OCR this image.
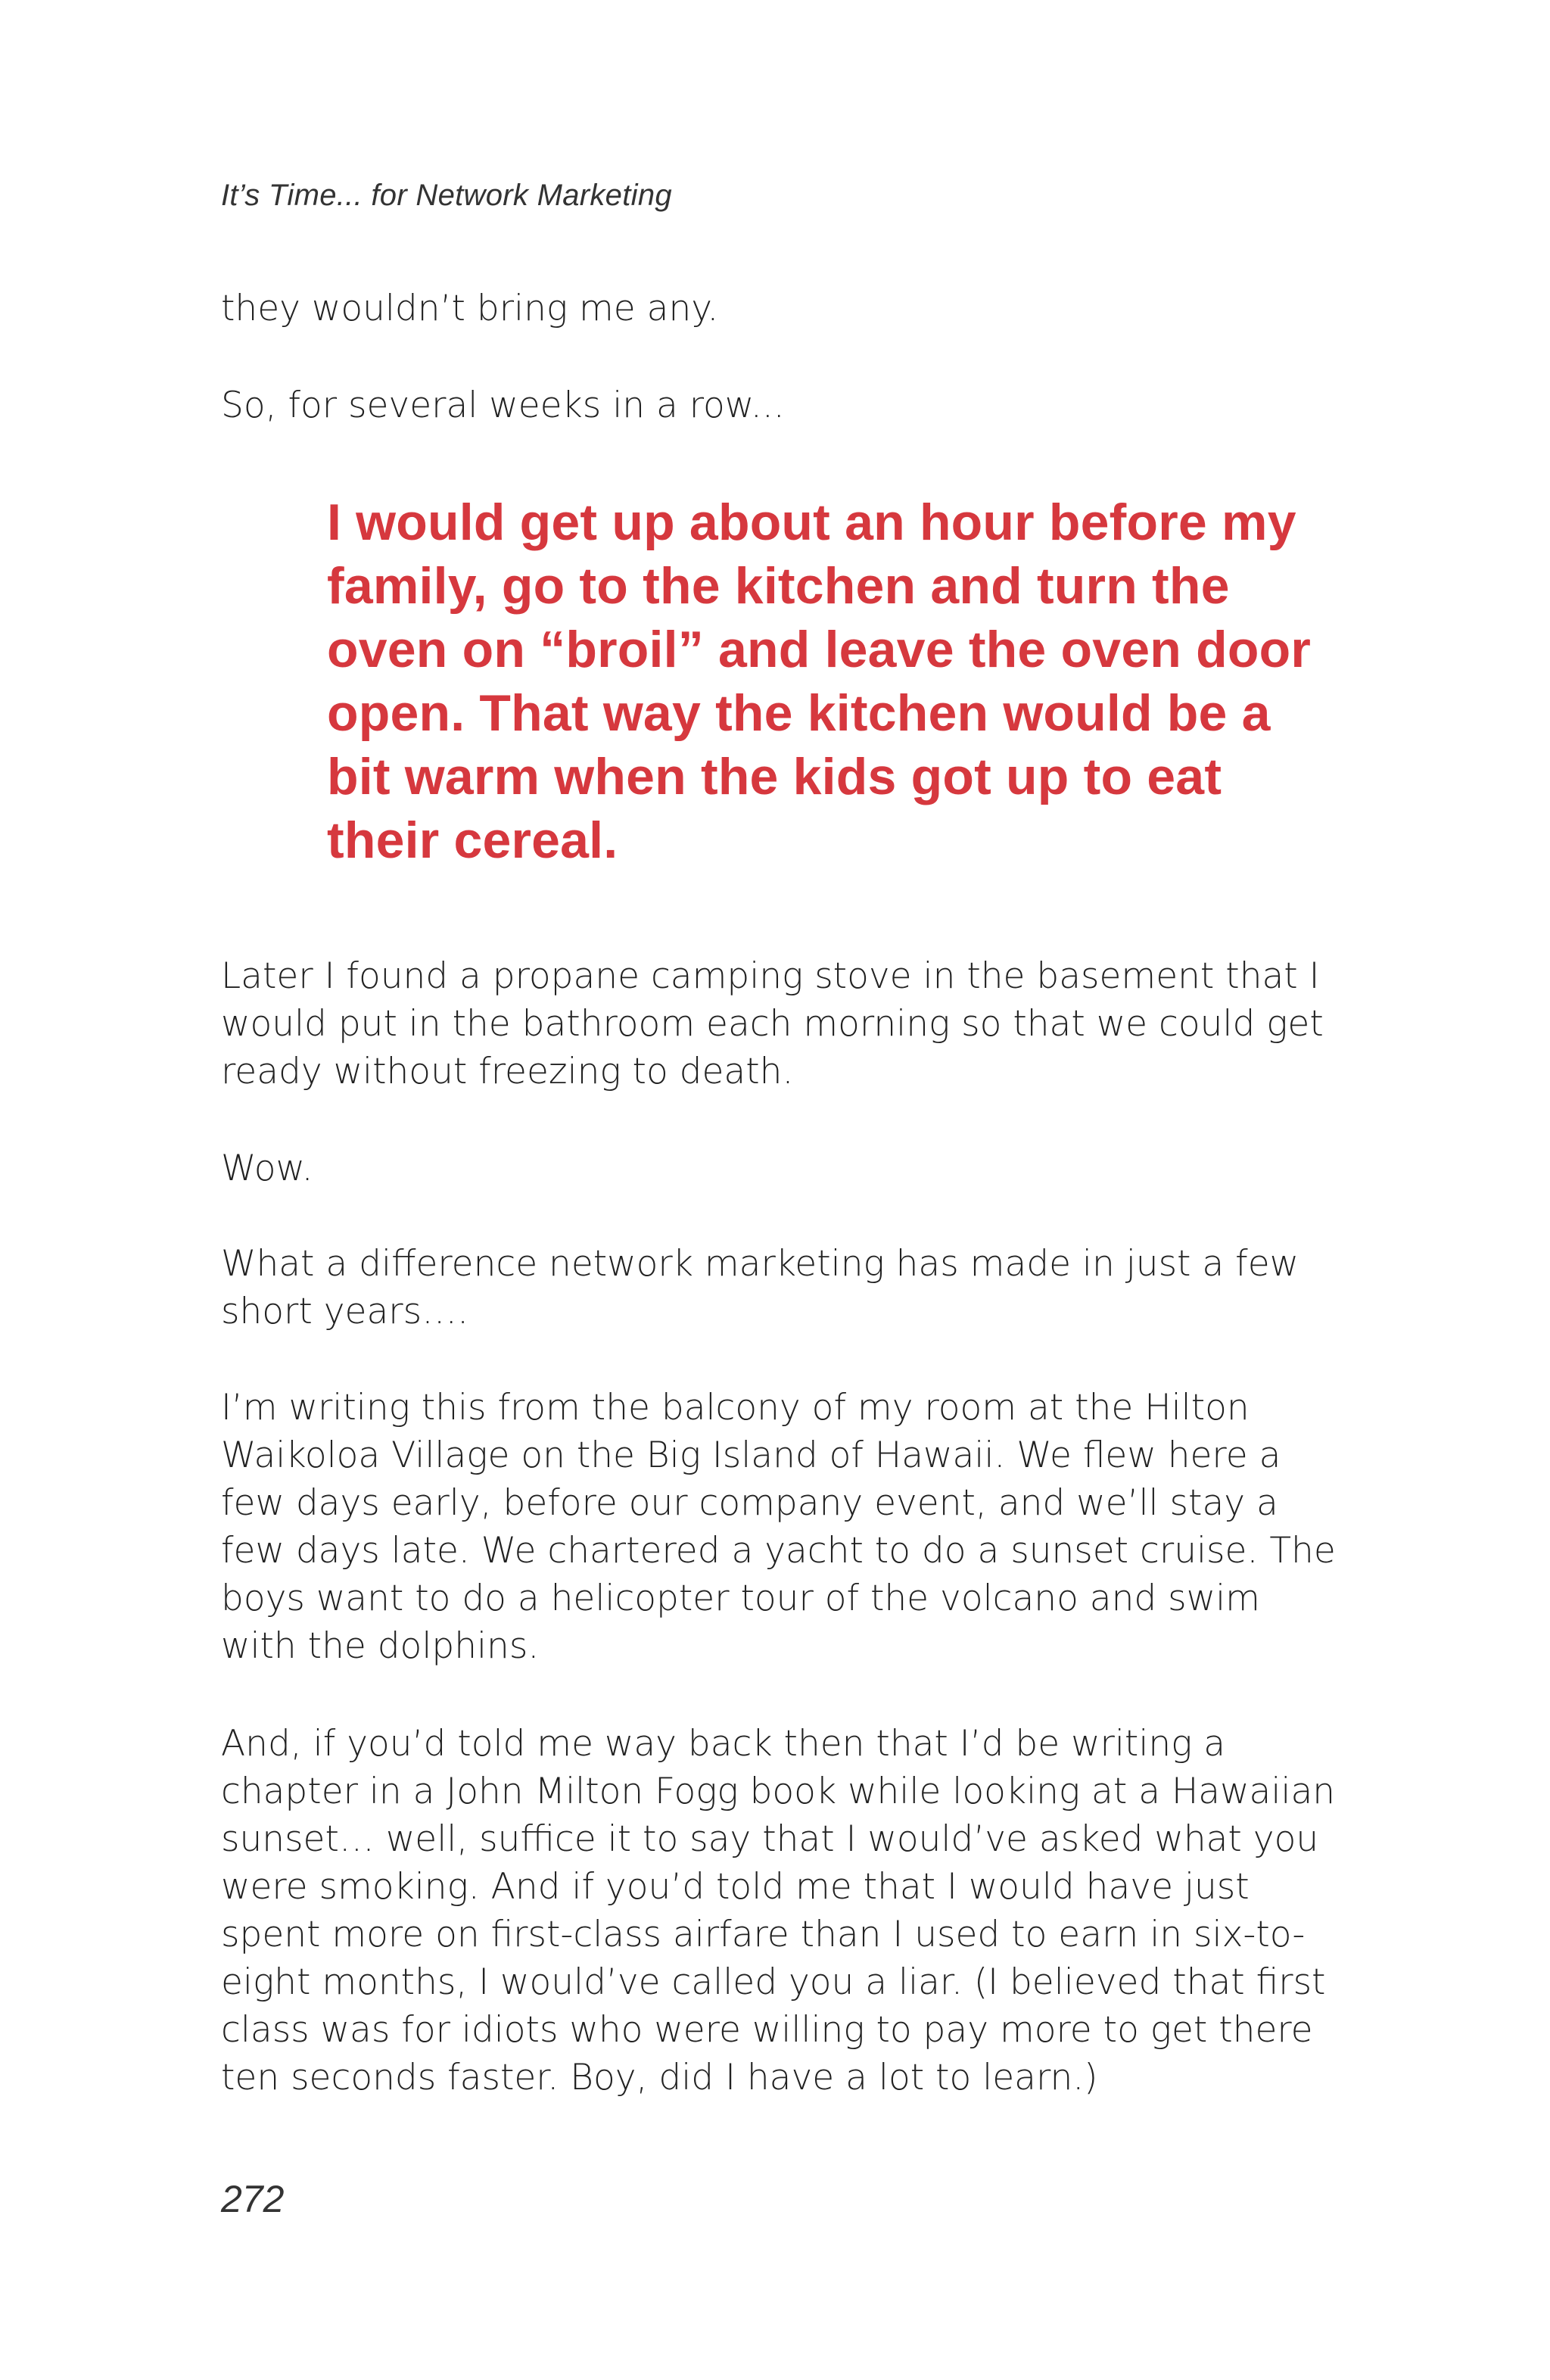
It’s Time... for Network Marketing

they wouldn’t bring me any.

So, for several weeks in a row...

I would get up about an hour before my family, go to the kitchen and turn the oven on “broil” and leave the oven door open. That way the kitchen would be a bit warm when the kids got up to eat their cereal.

Later I found a propane camping stove in the basement that I would put in the bathroom each morning so that we could get ready without freezing to death.

Wow.

What a difference network marketing has made in just a few short years….

I’m writing this from the balcony of my room at the Hilton Waikoloa Village on the Big Island of Hawaii. We flew here a few days early, before our company event, and we’ll stay a few days late. We chartered a yacht to do a sunset cruise. The boys want to do a helicopter tour of the volcano and swim with the dolphins.

And, if you’d told me way back then that I’d be writing a chapter in a John Milton Fogg book while looking at a Hawaiian sunset… well, suffice it to say that I would’ve asked what you were smoking. And if you’d told me that I would have just spent more on first-class airfare than I used to earn in six-to-eight months, I would’ve called you a liar. (I believed that first class was for idiots who were willing to pay more to get there ten seconds faster. Boy, did I have a lot to learn.)

272
